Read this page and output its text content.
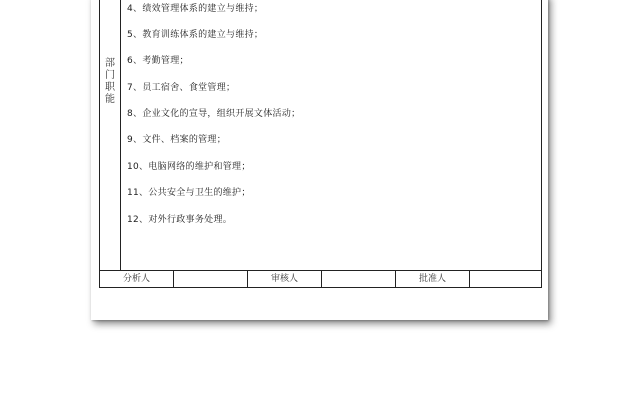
部门职能
4、绩效管理体系的建立与维持；
5、教育训练体系的建立与维持；
6、考勤管理；
7、员工宿舍、食堂管理；
8、企业文化的宣导，组织开展文体活动；
9、文件、档案的管理；
10、电脑网络的维护和管理；
11、公共安全与卫生的维护；
12、对外行政事务处理。
分析人	审核人	批准人
